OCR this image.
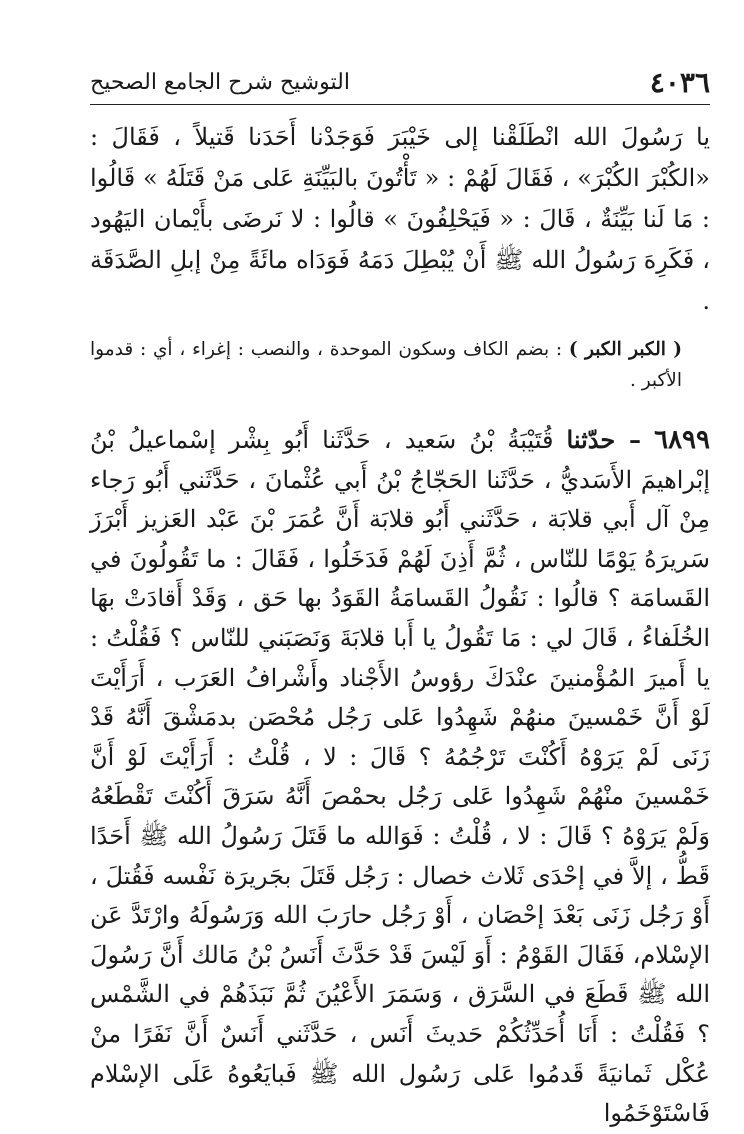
٤٠٣٦
التوشيح شرح الجامع الصحيح
يا رَسُولَ الله انْطَلَقْنا إلى خَيْبَرَ فَوَجَدْنا أَحَدَنا قَتيلاً ، فَقَالَ : «الكُبْرَ الكُبْرَ» ، فَقَالَ لَهُمْ : « تَأْتُونَ بالبَيِّنَةِ عَلى مَنْ قَتَلَهُ » قَالُوا : مَا لَنا بَيِّنَةٌ ، قَالَ : « فَيَحْلِفُونَ » قالُوا : لا نَرضَى بأَيْمان اليَهُود ، فَكَرِهَ رَسُولُ الله ﷺ أَنْ يُبْطِلَ دَمَهُ فَوَدَاه مائَةً مِنْ إبلِ الصَّدَقَة .
( الكبر الكبر ) : بضم الكاف وسكون الموحدة ، والنصب : إغراء ، أي : قدموا الأكبر .
٦٨٩٩ – حدّثنا قُتَيْبَةُ بْنُ سَعيد ، حَدَّثَنا أَبُو بِشْر إسْماعيلُ بْنُ إبْراهيمَ الأَسَديُّ ، حَدَّثَنا الحَجّاجُ بْنُ أَبي عُثْمانَ ، حَدَّثَني أَبُو رَجاء مِنْ آل أَبي قلابَة ، حَدَّثَني أَبُو قلابَة أَنَّ عُمَرَ بْنَ عَبْد العَزيز أَبْرَزَ سَريرَهُ يَوْمًا للنّاس ، ثُمَّ أَذِنَ لَهُمْ فَدَخَلُوا ، فَقَالَ : ما تَقُولُونَ في القَسامَة ؟ قالُوا : نَقُولُ القَسامَةُ القَوَدُ بها حَق ، وَقَدْ أَقادَتْ بهَا الخُلَفاءُ ، قَالَ لي : مَا تَقُولُ يا أَبا قلابَةَ وَنَصَبَني للنّاس ؟ فَقُلْتُ : يا أَميرَ المُؤْمنينَ عنْدَكَ رؤوسُ الأَجْناد وأَشْرافُ العَرَب ، أَرَأَيْتَ لَوْ أَنَّ خَمْسينَ منهُمْ شَهِدُوا عَلى رَجُل مُحْصَن بدمَشْقَ أَنَّهُ قَدْ زَنَى لَمْ يَرَوْهُ أَكُنْتَ تَرْجُمُهُ ؟ قَالَ : لا ، قُلْتُ : أَرَأَيْتَ لَوْ أَنَّ خَمْسينَ منْهُمْ شَهِدُوا عَلى رَجُل بحمْصَ أَنَّهُ سَرَقَ أَكُنْتَ تَقْطَعُهُ وَلَمْ يَرَوْهُ ؟ قَالَ : لا ، قُلْتُ : فَوَالله ما قَتَلَ رَسُولُ الله ﷺ أَحَدًا قَطُّ ، إلاَّ في إحْدَى ثَلاث خصال : رَجُل قَتَلَ بجَريرَة نَفْسه فَقُتلَ ، أَوْ رَجُل زَنَى بَعْدَ إحْصَان ، أَوْ رَجُل حارَبَ الله وَرَسُولَهُ وارْتَدَّ عَن الإسْلام، فَقَالَ القَوْمُ : أَوَ لَيْسَ قَدْ حَدَّثَ أَنَسُ بْنُ مَالك أَنَّ رَسُولَ الله ﷺ قَطَعَ في السَّرَق ، وَسَمَرَ الأَعْيُنَ ثُمَّ نَبَذَهُمْ في الشَّمْس ؟ فَقُلْتُ : أَنَا أُحَدِّثُكُمْ حَديثَ أَنَس ، حَدَّثَني أَنَسٌ أَنَّ نَفَرًا منْ عُكْل ثَمانيَةً قَدمُوا عَلى رَسُول الله ﷺ فَبايَعُوهُ عَلَى الإسْلام فَاسْتَوْخَمُوا
